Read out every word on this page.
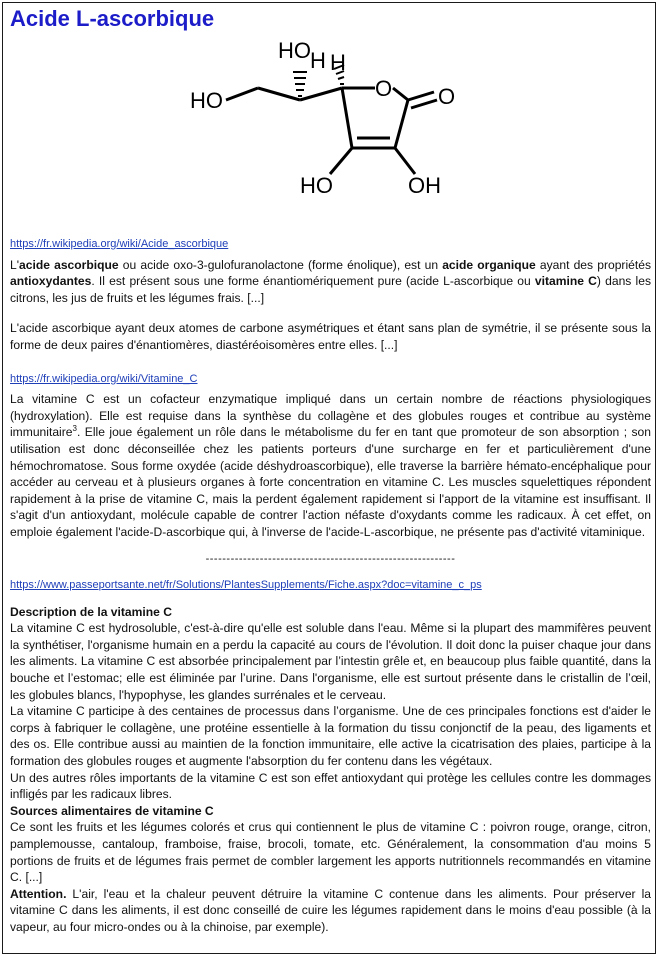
Acide L-ascorbique
HO
H
HO H
O O
HO	OH
https://fr.wikipedia.org/wiki/Acide_ascorbique

L'acide ascorbique ou acide oxo-3-gulofuranolactone (forme énolique), est un acide organique ayant des propriétés antioxydantes. Il est présent sous une forme énantiomériquement pure (acide L-ascorbique ou vitamine C) dans les citrons, les jus de fruits et les légumes frais. [...]

L'acide ascorbique ayant deux atomes de carbone asymétriques et étant sans plan de symétrie, il se présente sous la forme de deux paires d'énantiomères, diastéréoisomères entre elles. [...]

https://fr.wikipedia.org/wiki/Vitamine_C

La vitamine C est un cofacteur enzymatique impliqué dans un certain nombre de réactions physiologiques (hydroxylation). Elle est requise dans la synthèse du collagène et des globules rouges et contribue au système immunitaire$^3$. Elle joue également un rôle dans le métabolisme du fer en tant que promoteur de son absorption ; son utilisation est donc déconseillée chez les patients porteurs d'une surcharge en fer et particulièrement d'une hémochromatose. Sous forme oxydée (acide déshydroascorbique), elle traverse la barrière hémato-encéphalique pour accéder au cerveau et à plusieurs organes à forte concentration en vitamine C. Les muscles squelettiques répondent rapidement à la prise de vitamine C, mais la perdent également rapidement si l'apport de la vitamine est insuffisant. Il s'agit d'un antioxydant, molécule capable de contrer l'action néfaste d'oxydants comme les radicaux. À cet effet, on emploie également l'acide-D-ascorbique qui, à l'inverse de l'acide-L-ascorbique, ne présente pas d'activité vitaminique.

------------------------------------------------------------

https://www.passeportsante.net/fr/Solutions/PlantesSupplements/Fiche.aspx?doc=vitamine_c_ps

Description de la vitamine C

La vitamine C est hydrosoluble, c'est-à-dire qu'elle est soluble dans l'eau. Même si la plupart des mammifères peuvent la synthétiser, l'organisme humain en a perdu la capacité au cours de l'évolution. Il doit donc la puiser chaque jour dans les aliments. La vitamine C est absorbée principalement par l’intestin grêle et, en beaucoup plus faible quantité, dans la bouche et l’estomac; elle est éliminée par l’urine. Dans l'organisme, elle est surtout présente dans le cristallin de l’œil, les globules blancs, l'hypophyse, les glandes surrénales et le cerveau.

La vitamine C participe à des centaines de processus dans l’organisme. Une de ces principales fonctions est d'aider le corps à fabriquer le collagène, une protéine essentielle à la formation du tissu conjonctif de la peau, des ligaments et des os. Elle contribue aussi au maintien de la fonction immunitaire, elle active la cicatrisation des plaies, participe à la formation des globules rouges et augmente l'absorption du fer contenu dans les végétaux.

Un des autres rôles importants de la vitamine C est son effet antioxydant qui protège les cellules contre les dommages infligés par les radicaux libres.

Sources alimentaires de vitamine C

Ce sont les fruits et les légumes colorés et crus qui contiennent le plus de vitamine C : poivron rouge, orange, citron, pamplemousse, cantaloup, framboise, fraise, brocoli, tomate, etc. Généralement, la consommation d'au moins 5 portions de fruits et de légumes frais permet de combler largement les apports nutritionnels recommandés en vitamine C. [...]

Attention. L'air, l'eau et la chaleur peuvent détruire la vitamine C contenue dans les aliments. Pour préserver la vitamine C dans les aliments, il est donc conseillé de cuire les légumes rapidement dans le moins d'eau possible (à la vapeur, au four micro-ondes ou à la chinoise, par exemple).
